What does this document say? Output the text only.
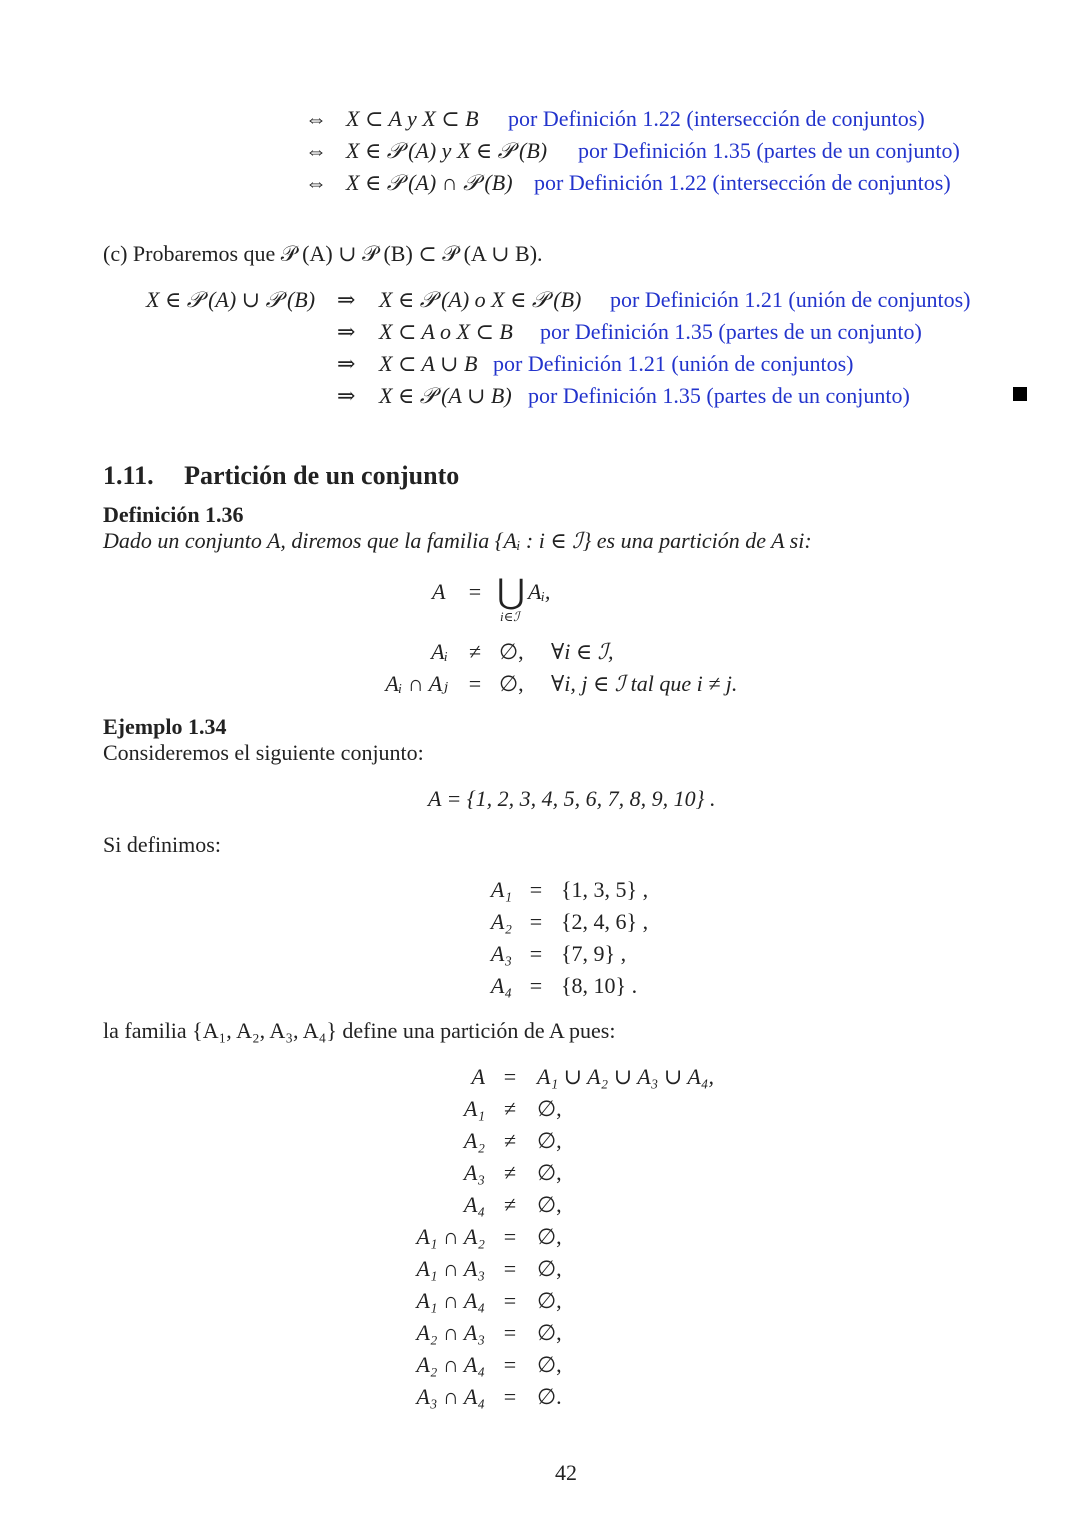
⇔ X ⊂ A y X ⊂ B por Definición 1.22 (intersección de conjuntos)
⇔ X ∈ 𝒫 (A) y X ∈ 𝒫 (B) por Definición 1.35 (partes de un conjunto)
⇔ X ∈ 𝒫 (A) ∩ 𝒫 (B) por Definición 1.22 (intersección de conjuntos)
(c) Probaremos que 𝒫 (A) ∪ 𝒫 (B) ⊂ 𝒫 (A ∪ B).
X ∈ 𝒫 (A) ∪ 𝒫 (B) ⇒ X ∈ 𝒫 (A) o X ∈ 𝒫 (B) por Definición 1.21 (unión de conjuntos)
⇒ X ⊂ A o X ⊂ B por Definición 1.35 (partes de un conjunto)
⇒ X ⊂ A ∪ B por Definición 1.21 (unión de conjuntos)
⇒ X ∈ 𝒫 (A ∪ B) por Definición 1.35 (partes de un conjunto)
1.11. Partición de un conjunto
Definición 1.36
Dado un conjunto A, diremos que la familia {Aᵢ : i ∈ ℐ} es una partición de A si:
A	= ⋃
i∈ℐ
Aᵢ,
Aᵢ ≠ ∅, ∀i ∈ ℐ,
Aᵢ ∩ Aⱼ = ∅, ∀i, j ∈ ℐ tal que i ≠ j.
Ejemplo 1.34
Consideremos el siguiente conjunto:
A = {1, 2, 3, 4, 5, 6, 7, 8, 9, 10} .
Si definimos:
A₁ = {1, 3, 5} ,
A₂ = {2, 4, 6} ,
A₃ = {7, 9} ,
A₄ = {8, 10} .
la familia {A₁, A₂, A₃, A₄} define una partición de A pues:
A = A₁ ∪ A₂ ∪ A₃ ∪ A₄,
A₁ ≠ ∅,
A₂ ≠ ∅,
A₃ ≠ ∅,
A₄ ≠ ∅,
A₁ ∩ A₂ = ∅,
A₁ ∩ A₃ = ∅,
A₁ ∩ A₄ = ∅,
A₂ ∩ A₃ = ∅,
A₂ ∩ A₄ = ∅,
A₃ ∩ A₄ = ∅.
42
